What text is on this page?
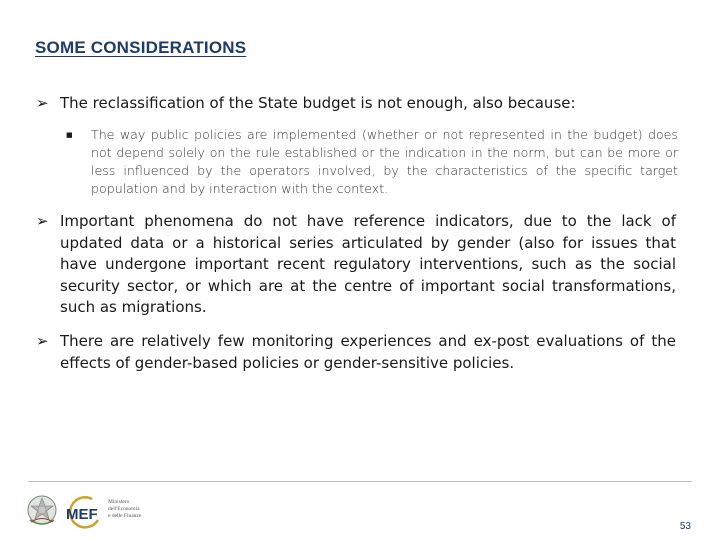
SOME CONSIDERATIONS
➢ The reclassification of the State budget is not enough, also because:
■	The way public policies are implemented (whether or not represented in the budget) does not depend solely on the rule established or the indication in the norm, but can be more or less influenced by the operators involved, by the characteristics of the specific target population and by interaction with the context.
➢ Important phenomena do not have reference indicators, due to the lack of updated data or a historical series articulated by gender (also for issues that have undergone important recent regulatory interventions, such as the social security sector, or which are at the centre of important social transformations, such as migrations.
➢ There are relatively few monitoring experiences and ex-post evaluations of the effects of gender-based policies or gender-sensitive policies.
MEF
Ministero
dell'Economia
e delle Finanze
53
